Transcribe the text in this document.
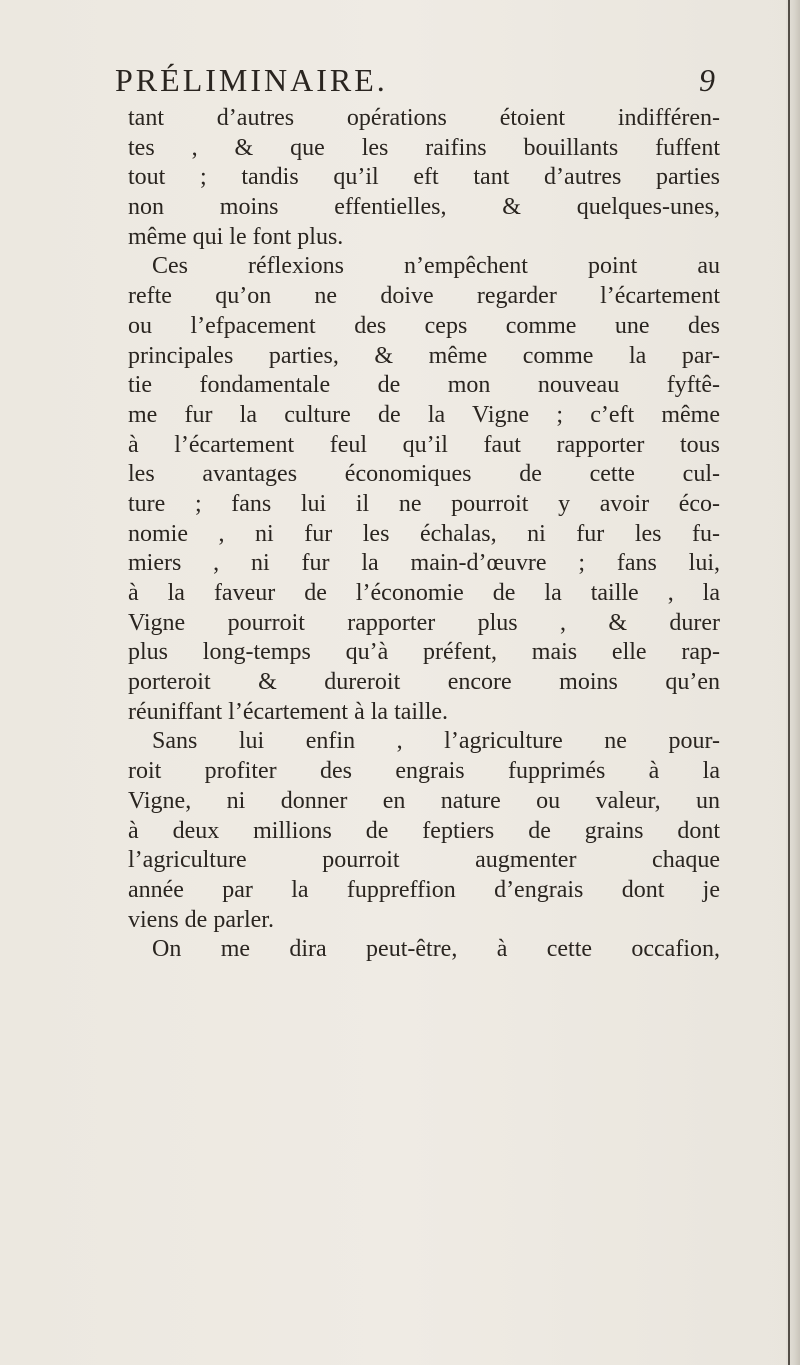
PRÉLIMINAIRE.	9
tant d’autres opérations étoient indifféren-
tes , & que les raifins bouillants fuffent
tout ; tandis qu’il eft tant d’autres parties
non moins effentielles, & quelques-unes,
même qui le font plus.
Ces réflexions n’empêchent point au
refte qu’on ne doive regarder l’écartement
ou l’efpacement des ceps comme une des
principales parties, & même comme la par-
tie fondamentale de mon nouveau fyftê-
me fur la culture de la Vigne ; c’eft même
à l’écartement feul qu’il faut rapporter tous
les avantages économiques de cette cul-
ture ; fans lui il ne pourroit y avoir éco-
nomie , ni fur les échalas, ni fur les fu-
miers , ni fur la main-d’œuvre ; fans lui,
à la faveur de l’économie de la taille , la
Vigne pourroit rapporter plus , & durer
plus long-temps qu’à préfent, mais elle rap-
porteroit & dureroit encore moins qu’en
réuniffant l’écartement à la taille.
Sans lui enfin , l’agriculture ne pour-
roit profiter des engrais fupprimés à la
Vigne, ni donner en nature ou valeur, un
à deux millions de feptiers de grains dont
l’agriculture pourroit augmenter chaque
année par la fuppreffion d’engrais dont je
viens de parler.
On me dira peut-être, à cette occafion,
